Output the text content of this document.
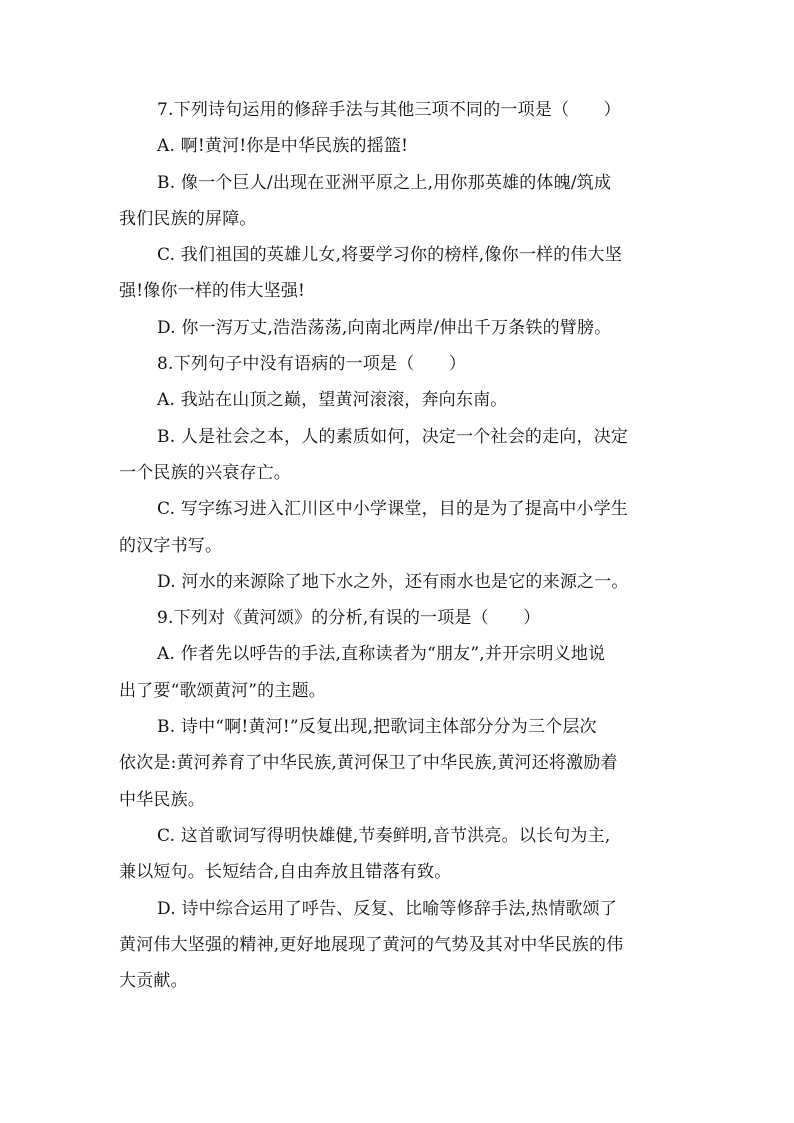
7.下列诗句运用的修辞手法与其他三项不同的一项是（　　）
A. 啊!黄河!你是中华民族的摇篮!
B. 像一个巨人/出现在亚洲平原之上,用你那英雄的体魄/筑成
我们民族的屏障。
C. 我们祖国的英雄儿女,将要学习你的榜样,像你一样的伟大坚
强!像你一样的伟大坚强!
D. 你一泻万丈,浩浩荡荡,向南北两岸/伸出千万条铁的臂膀。
8.下列句子中没有语病的一项是（　　）
A. 我站在山顶之巅，望黄河滚滚，奔向东南。
B. 人是社会之本，人的素质如何，决定一个社会的走向，决定
一个民族的兴衰存亡。
C. 写字练习进入汇川区中小学课堂，目的是为了提高中小学生
的汉字书写。
D. 河水的来源除了地下水之外，还有雨水也是它的来源之一。
9.下列对《黄河颂》的分析,有误的一项是（　　）
A. 作者先以呼告的手法,直称读者为“朋友”,并开宗明义地说
出了要“歌颂黄河”的主题。
B. 诗中“啊!黄河!”反复出现,把歌词主体部分分为三个层次
依次是:黄河养育了中华民族,黄河保卫了中华民族,黄河还将激励着
中华民族。
C. 这首歌词写得明快雄健,节奏鲜明,音节洪亮。以长句为主,
兼以短句。长短结合,自由奔放且错落有致。
D. 诗中综合运用了呼告、反复、比喻等修辞手法,热情歌颂了
黄河伟大坚强的精神,更好地展现了黄河的气势及其对中华民族的伟
大贡献。
